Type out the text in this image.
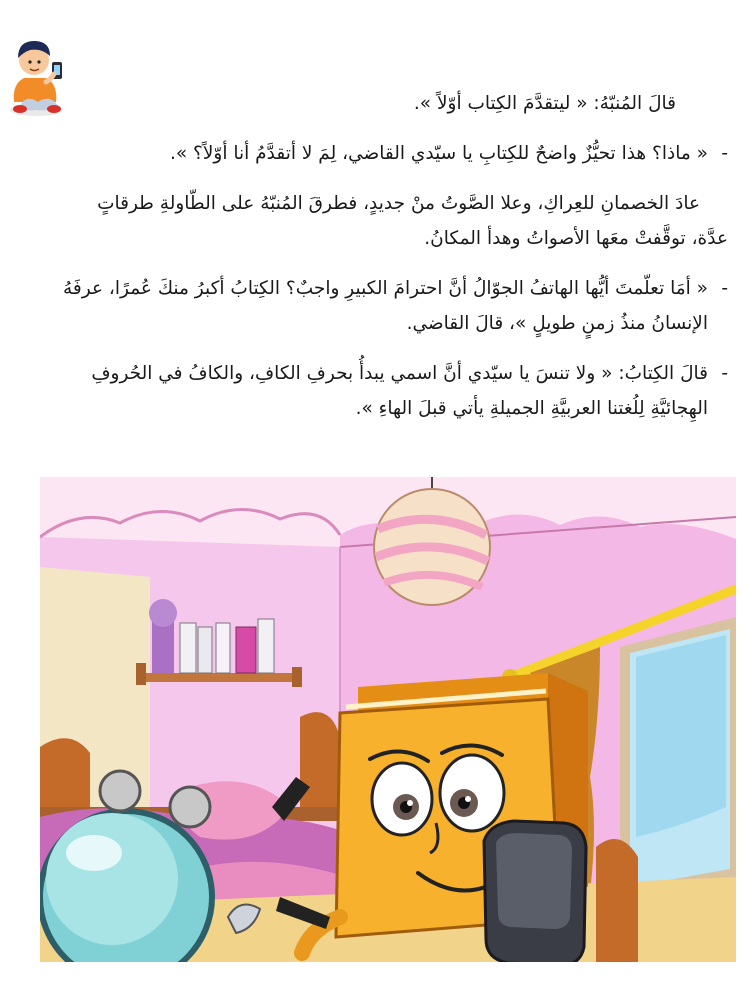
قالَ المُنبّهُ: « ليتقدَّمَ الكِتاب أوّلاً ».

- « ماذا؟ هذا تحيُّزٌ واضحٌ للكِتابِ يا سيّدي القاضي، لِمَ لا أتقدَّمُ أنا أوّلاً؟ ».

عادَ الخصمانِ للعِراكِ، وعلا الصَّوتُ منْ جديدٍ، فطرقَ المُنبّهُ على الطّاولةِ طرقاتٍ عدَّة، توقَّفتْ معَها الأصواتُ وهدأ المكانُ.

- « أمَا تعلّمتَ أيُّها الهاتفُ الجوّالُ أنَّ احترامَ الكبيرِ واجبٌ؟ الكِتابُ أكبرُ منكَ عُمرًا، عرفَهُ الإنسانُ منذُ زمنٍ طويلٍ »، قالَ القاضي.

- قالَ الكِتابُ: « ولا تنسَ يا سيّدي أنَّ اسمي يبدأُ بحرفِ الكافِ، والكافُ في الحُروفِ الهِجائيَّةِ لِلُغتنا العربيَّةِ الجميلةِ يأتي قبلَ الهاءِ ».
